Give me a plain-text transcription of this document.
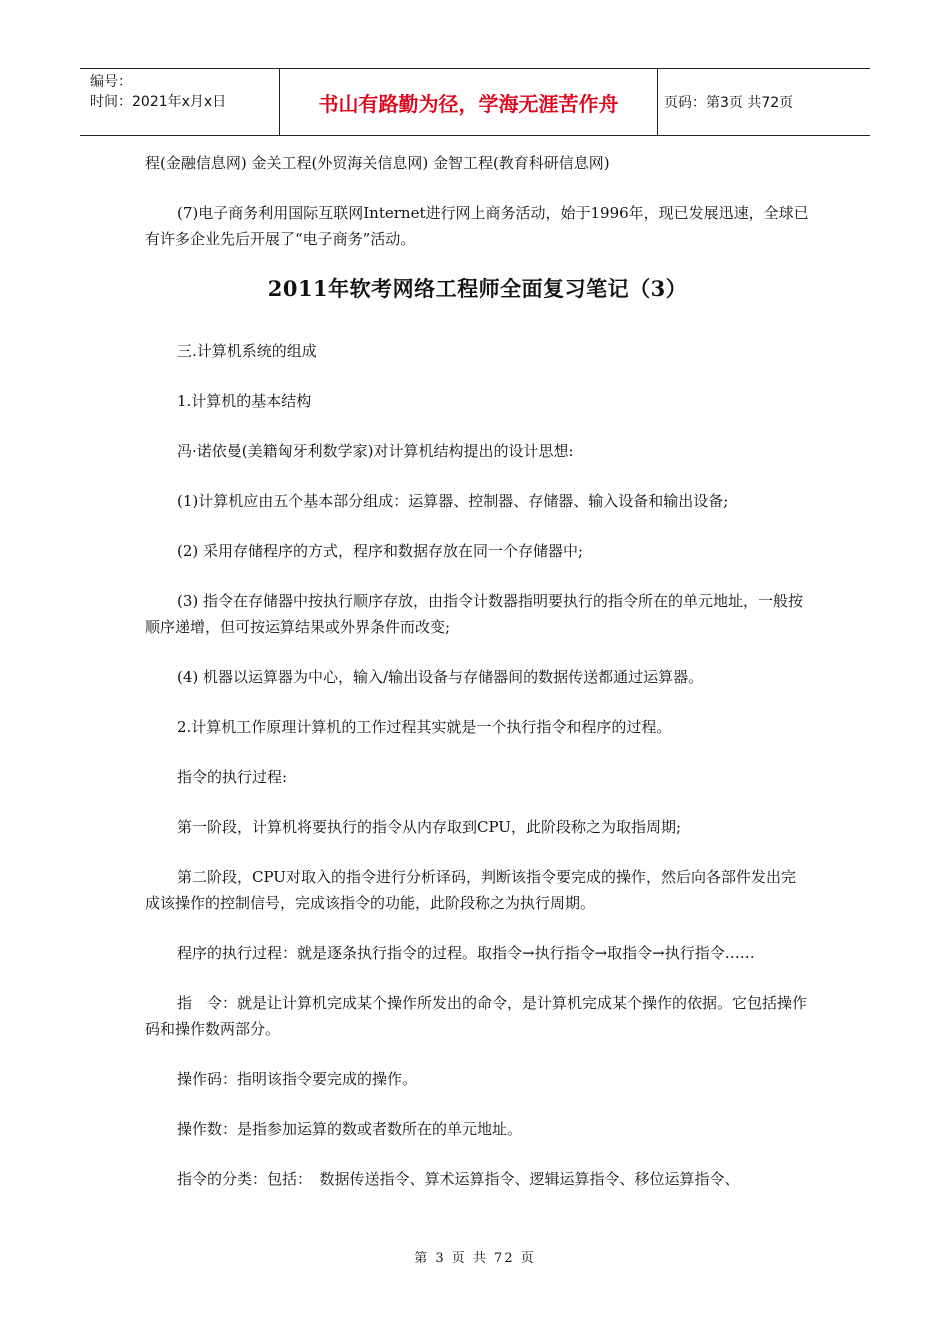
编号：
时间：2021年x月x日	书山有路勤为径，学海无涯苦作舟	页码：第3页 共72页

程(金融信息网) 金关工程(外贸海关信息网) 金智工程(教育科研信息网)

(7)电子商务利用国际互联网Internet进行网上商务活动，始于1996年，现已发展迅速，全球已有许多企业先后开展了“电子商务”活动。

2011年软考网络工程师全面复习笔记（3）

三.计算机系统的组成

1.计算机的基本结构

冯·诺依曼(美籍匈牙利数学家)对计算机结构提出的设计思想:

(1)计算机应由五个基本部分组成：运算器、控制器、存储器、输入设备和输出设备;

(2) 采用存储程序的方式，程序和数据存放在同一个存储器中;

(3) 指令在存储器中按执行顺序存放，由指令计数器指明要执行的指令所在的单元地址，一般按顺序递增，但可按运算结果或外界条件而改变;

(4) 机器以运算器为中心，输入/输出设备与存储器间的数据传送都通过运算器。

2.计算机工作原理计算机的工作过程其实就是一个执行指令和程序的过程。

指令的执行过程:

第一阶段，计算机将要执行的指令从内存取到CPU，此阶段称之为取指周期;

第二阶段，CPU对取入的指令进行分析译码，判断该指令要完成的操作，然后向各部件发出完成该操作的控制信号，完成该指令的功能，此阶段称之为执行周期。

程序的执行过程：就是逐条执行指令的过程。取指令→执行指令→取指令→执行指令……

指　令：就是让计算机完成某个操作所发出的命令，是计算机完成某个操作的依据。它包括操作码和操作数两部分。

操作码：指明该指令要完成的操作。

操作数：是指参加运算的数或者数所在的单元地址。

指令的分类：包括：　数据传送指令、算术运算指令、逻辑运算指令、移位运算指令、

第 3 页 共 72 页
